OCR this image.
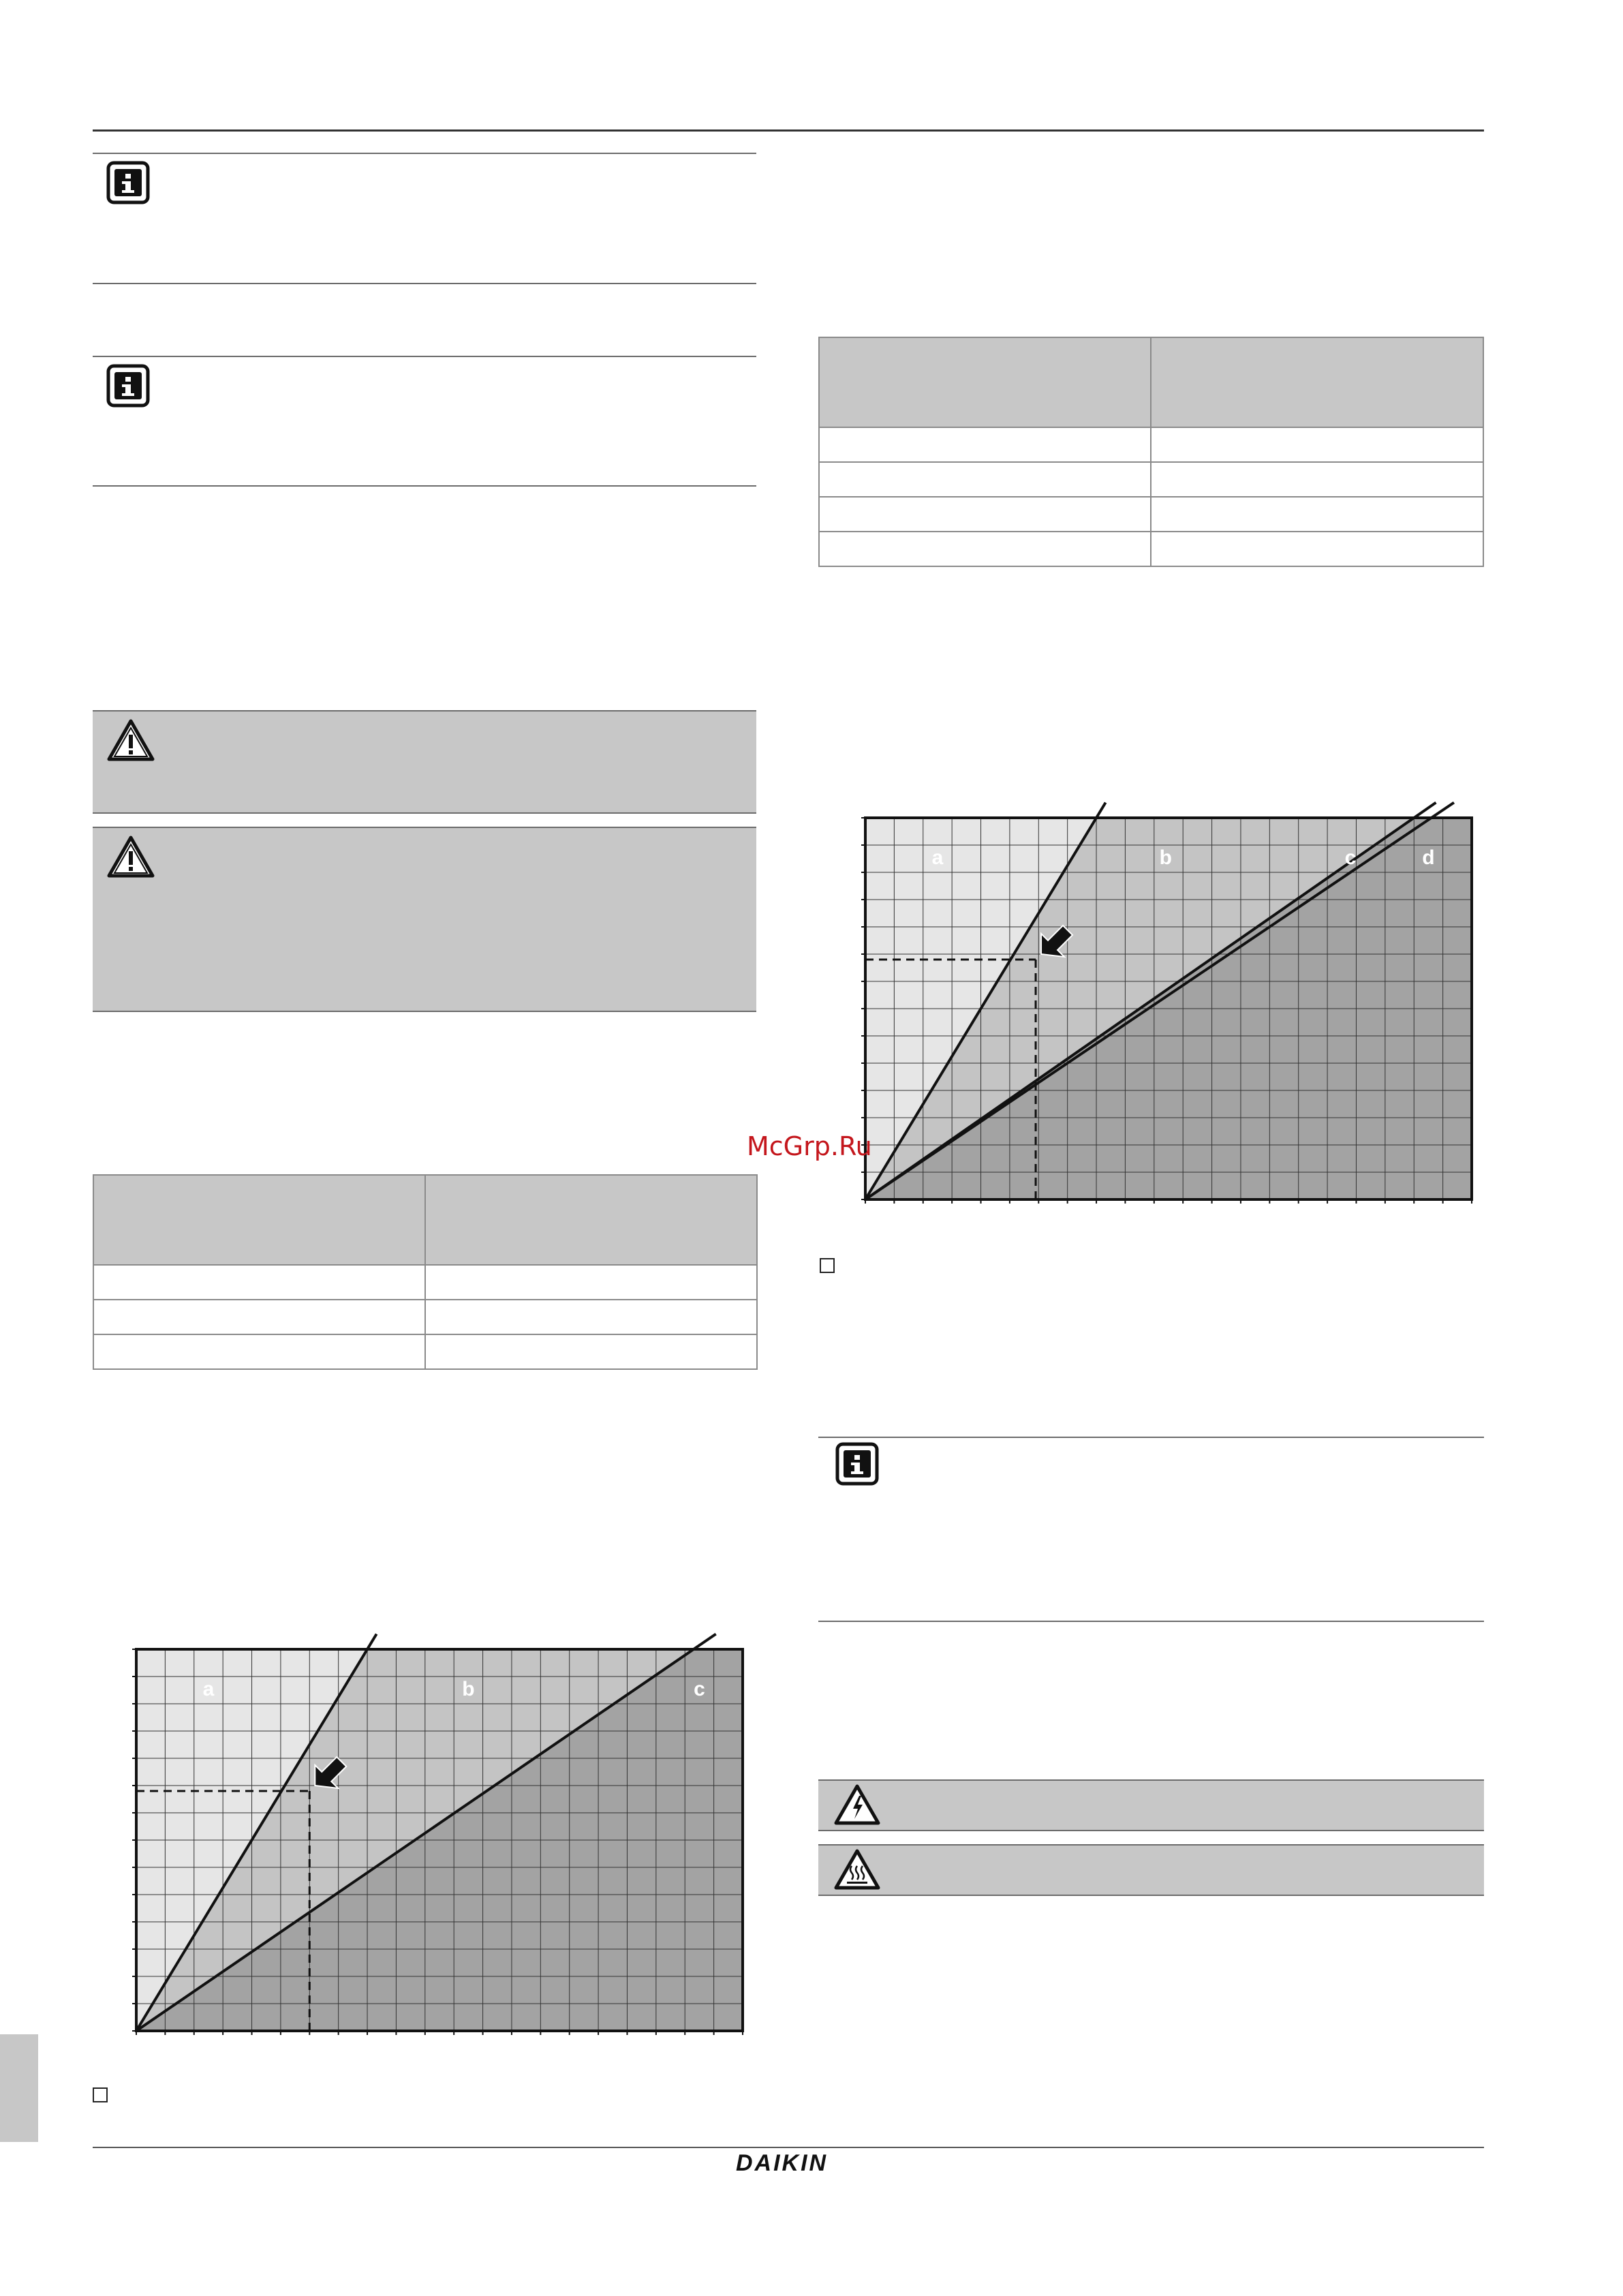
a	b	c
DAIKIN

a	b	c	d
McGrp.Ru
